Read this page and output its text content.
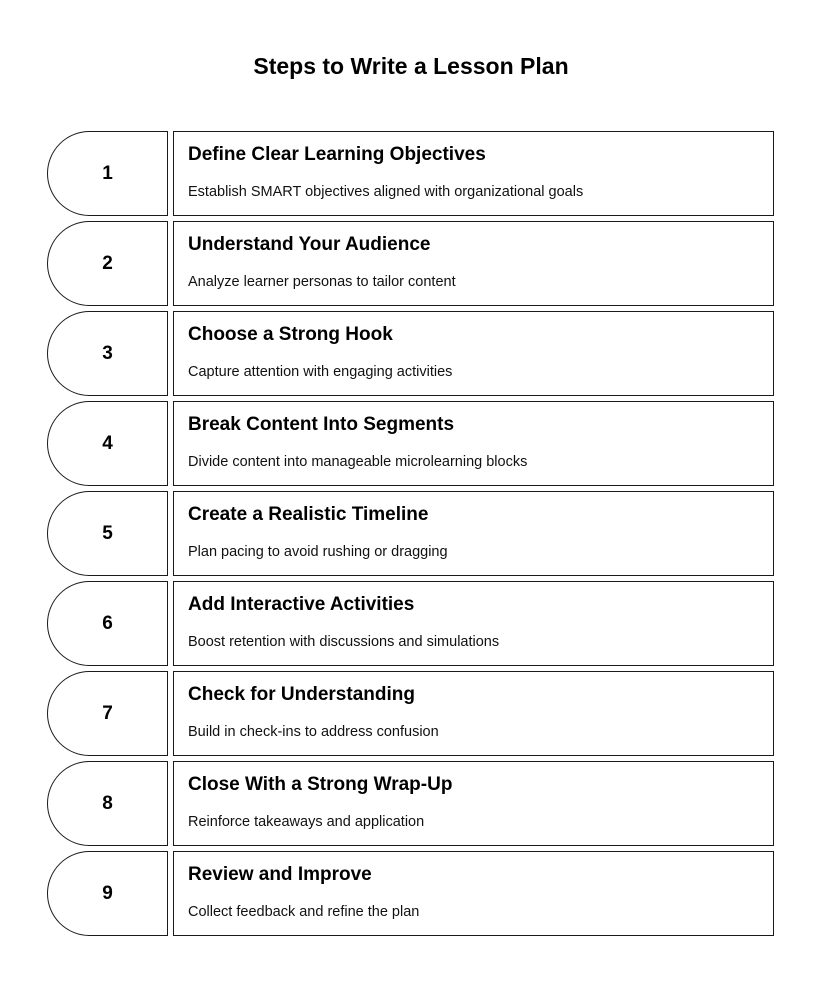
Steps to Write a Lesson Plan
1
Define Clear Learning Objectives
Establish SMART objectives aligned with organizational goals
2
Understand Your Audience
Analyze learner personas to tailor content
3
Choose a Strong Hook
Capture attention with engaging activities
4
Break Content Into Segments
Divide content into manageable microlearning blocks
5
Create a Realistic Timeline
Plan pacing to avoid rushing or dragging
6
Add Interactive Activities
Boost retention with discussions and simulations
7
Check for Understanding
Build in check-ins to address confusion
8
Close With a Strong Wrap-Up
Reinforce takeaways and application
9
Review and Improve
Collect feedback and refine the plan
